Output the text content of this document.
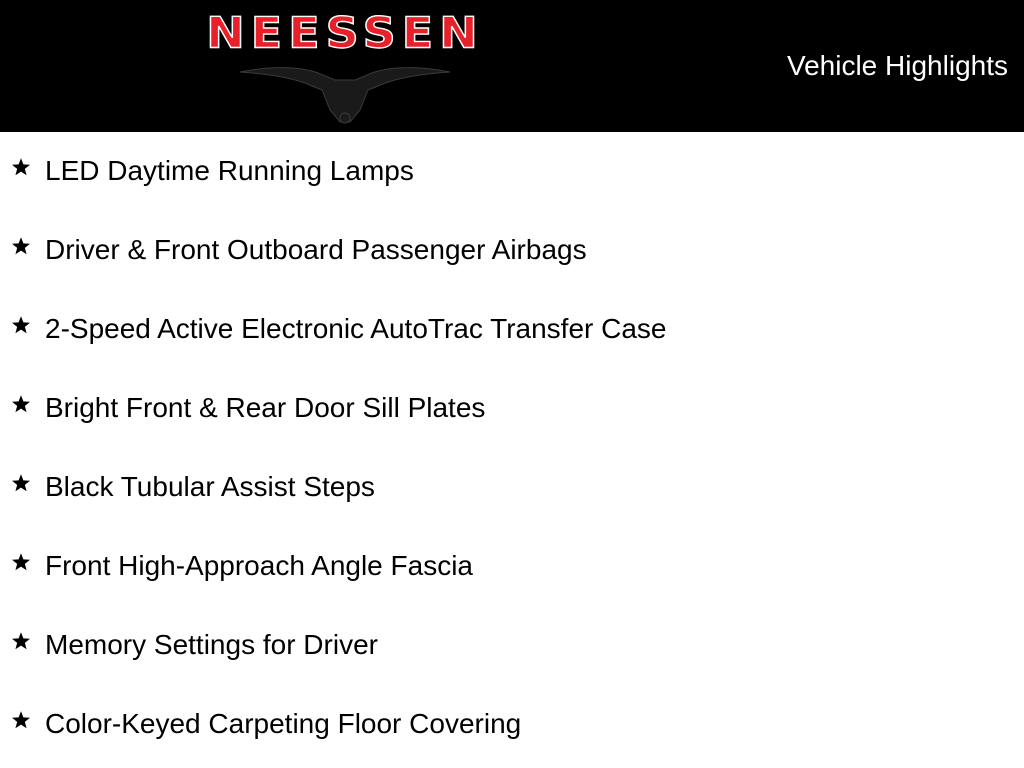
NEESSEN
Vehicle Highlights
LED Daytime Running Lamps
Driver & Front Outboard Passenger Airbags
2-Speed Active Electronic AutoTrac Transfer Case
Bright Front & Rear Door Sill Plates
Black Tubular Assist Steps
Front High-Approach Angle Fascia
Memory Settings for Driver
Color-Keyed Carpeting Floor Covering
